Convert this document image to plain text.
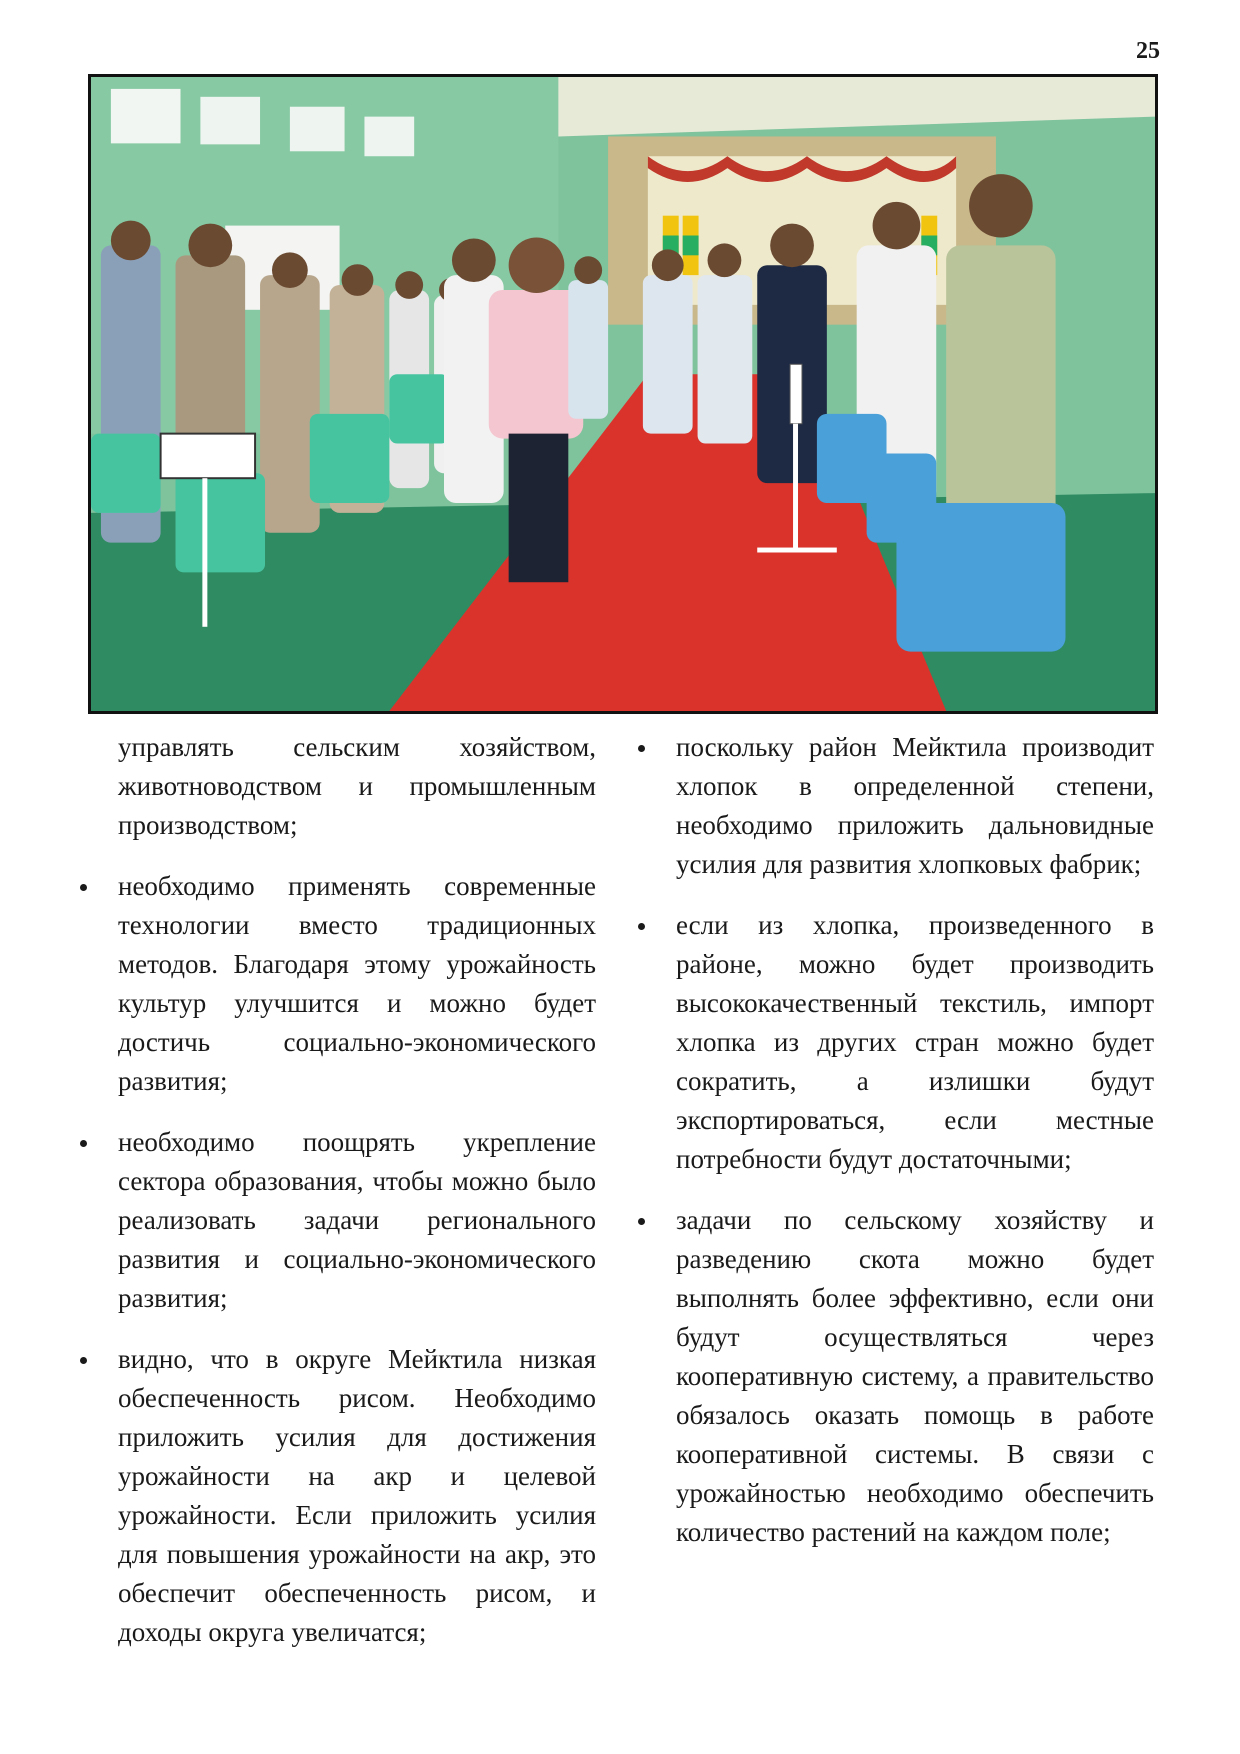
25
управлять сельским хозяйством, животноводством и промышленным производством;
необходимо применять современные технологии вместо традиционных методов. Благодаря этому урожайность культур улучшится и можно будет достичь социально-экономического развития;
необходимо поощрять укрепление сектора образования, чтобы можно было реализовать задачи регионального развития и социально-экономического развития;
видно, что в округе Мейктила низкая обеспеченность рисом. Необходимо приложить усилия для достижения урожайности на акр и целевой урожайности. Если приложить усилия для повышения урожайности на акр, это обеспечит обеспеченность рисом, и доходы округа увеличатся;
поскольку район Мейктила производит хлопок в определенной степени, необходимо приложить дальновидные усилия для развития хлопковых фабрик;
если из хлопка, произведенного в районе, можно будет производить высококачественный текстиль, импорт хлопка из других стран можно будет сократить, а излишки будут экспортироваться, если местные потребности будут достаточными;
задачи по сельскому хозяйству и разведению скота можно будет выполнять более эффективно, если они будут осуществляться через кооперативную систему, а правительство обязалось оказать помощь в работе кооперативной системы. В связи с урожайностью необходимо обеспечить количество растений на каждом поле;
